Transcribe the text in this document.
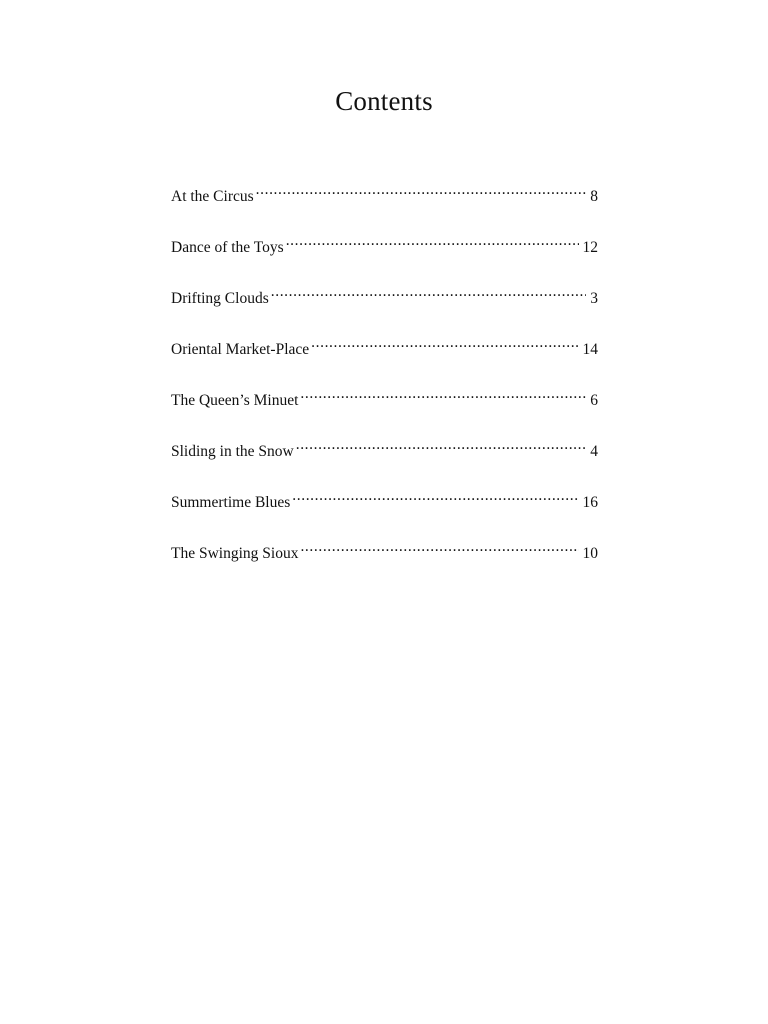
Contents
At the Circus .....	8
Dance of the Toys .....	12
Drifting Clouds .....	3
Oriental Market-Place .....	14
The Queen’s Minuet .....	6
Sliding in the Snow .....	4
Summertime Blues .....	16
The Swinging Sioux .....	10
